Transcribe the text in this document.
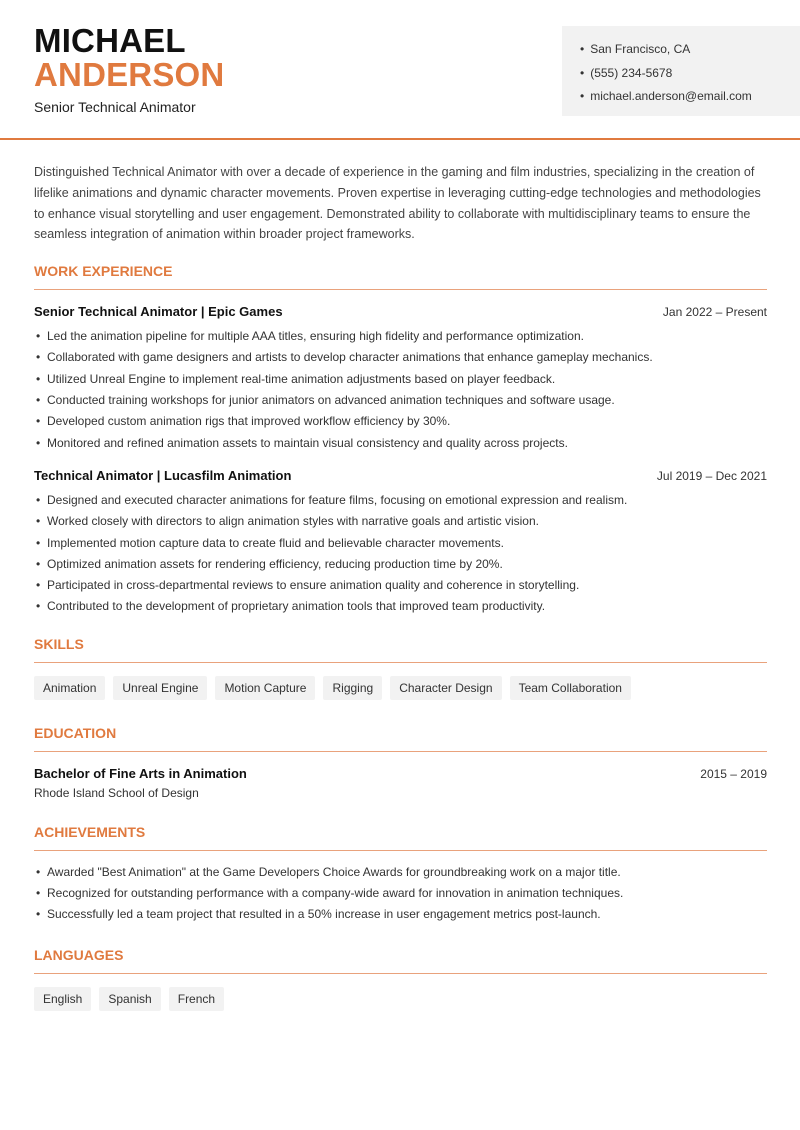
MICHAEL
ANDERSON
Senior Technical Animator
• San Francisco, CA
• (555) 234-5678
• michael.anderson@email.com

Distinguished Technical Animator with over a decade of experience in the gaming and film industries, specializing in the creation of lifelike animations and dynamic character movements. Proven expertise in leveraging cutting-edge technologies and methodologies to enhance visual storytelling and user engagement. Demonstrated ability to collaborate with multidisciplinary teams to ensure the seamless integration of animation within broader project frameworks.

WORK EXPERIENCE
Senior Technical Animator | Epic Games	Jan 2022 – Present
• Led the animation pipeline for multiple AAA titles, ensuring high fidelity and performance optimization.
• Collaborated with game designers and artists to develop character animations that enhance gameplay mechanics.
• Utilized Unreal Engine to implement real-time animation adjustments based on player feedback.
• Conducted training workshops for junior animators on advanced animation techniques and software usage.
• Developed custom animation rigs that improved workflow efficiency by 30%.
• Monitored and refined animation assets to maintain visual consistency and quality across projects.
Technical Animator | Lucasfilm Animation	Jul 2019 – Dec 2021
• Designed and executed character animations for feature films, focusing on emotional expression and realism.
• Worked closely with directors to align animation styles with narrative goals and artistic vision.
• Implemented motion capture data to create fluid and believable character movements.
• Optimized animation assets for rendering efficiency, reducing production time by 20%.
• Participated in cross-departmental reviews to ensure animation quality and coherence in storytelling.
• Contributed to the development of proprietary animation tools that improved team productivity.
SKILLS
Animation	Unreal Engine	Motion Capture	Rigging	Character Design	Team Collaboration
EDUCATION
Bachelor of Fine Arts in Animation	2015 – 2019
Rhode Island School of Design
ACHIEVEMENTS
• Awarded "Best Animation" at the Game Developers Choice Awards for groundbreaking work on a major title.
• Recognized for outstanding performance with a company-wide award for innovation in animation techniques.
• Successfully led a team project that resulted in a 50% increase in user engagement metrics post-launch.
LANGUAGES
English	Spanish	French
